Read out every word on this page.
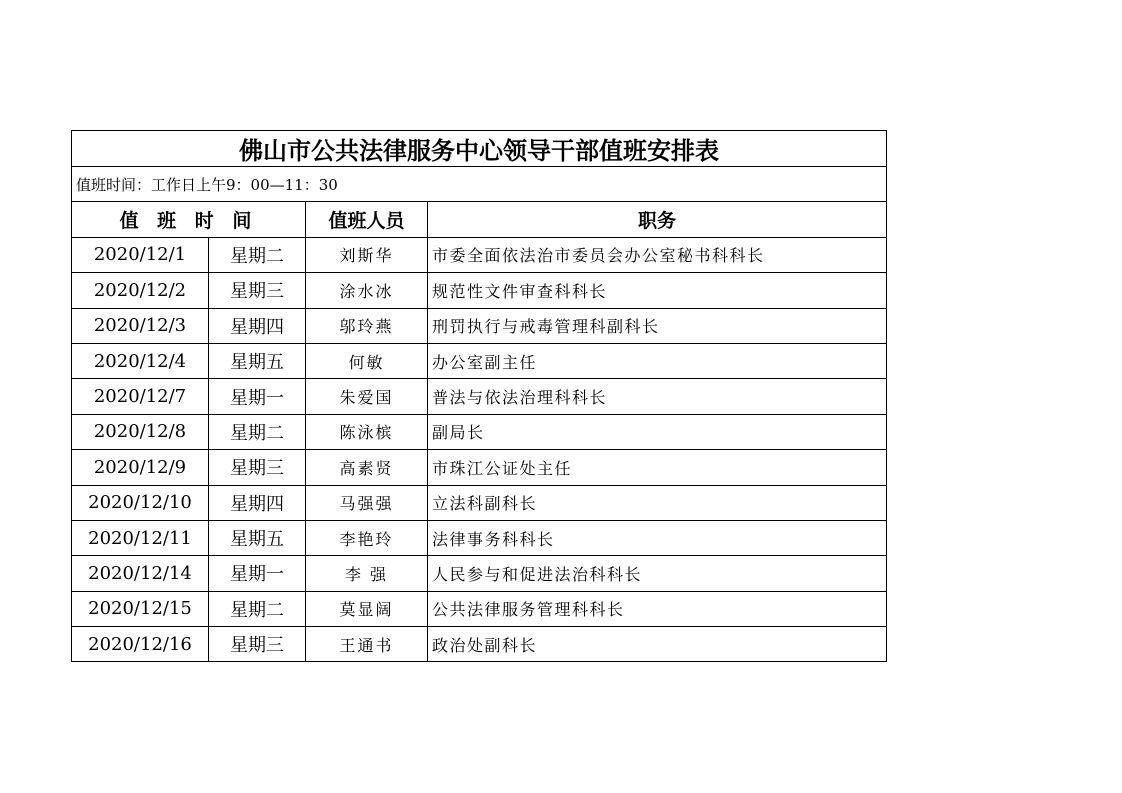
佛山市公共法律服务中心领导干部值班安排表			
值班时间：工作日上午9：00—11：30			
值 班 时 间		值班人员	职务
2020/12/1	星期二	刘斯华	市委全面依法治市委员会办公室秘书科科长
2020/12/2	星期三	涂水冰	规范性文件审查科科长
2020/12/3	星期四	邬玲燕	刑罚执行与戒毒管理科副科长
2020/12/4	星期五	何敏	办公室副主任
2020/12/7	星期一	朱爱国	普法与依法治理科科长
2020/12/8	星期二	陈泳槟	副局长
2020/12/9	星期三	高素贤	市珠江公证处主任
2020/12/10	星期四	马强强	立法科副科长
2020/12/11	星期五	李艳玲	法律事务科科长
2020/12/14	星期一	李 强	人民参与和促进法治科科长
2020/12/15	星期二	莫显阔	公共法律服务管理科科长
2020/12/16	星期三	王通书	政治处副科长
